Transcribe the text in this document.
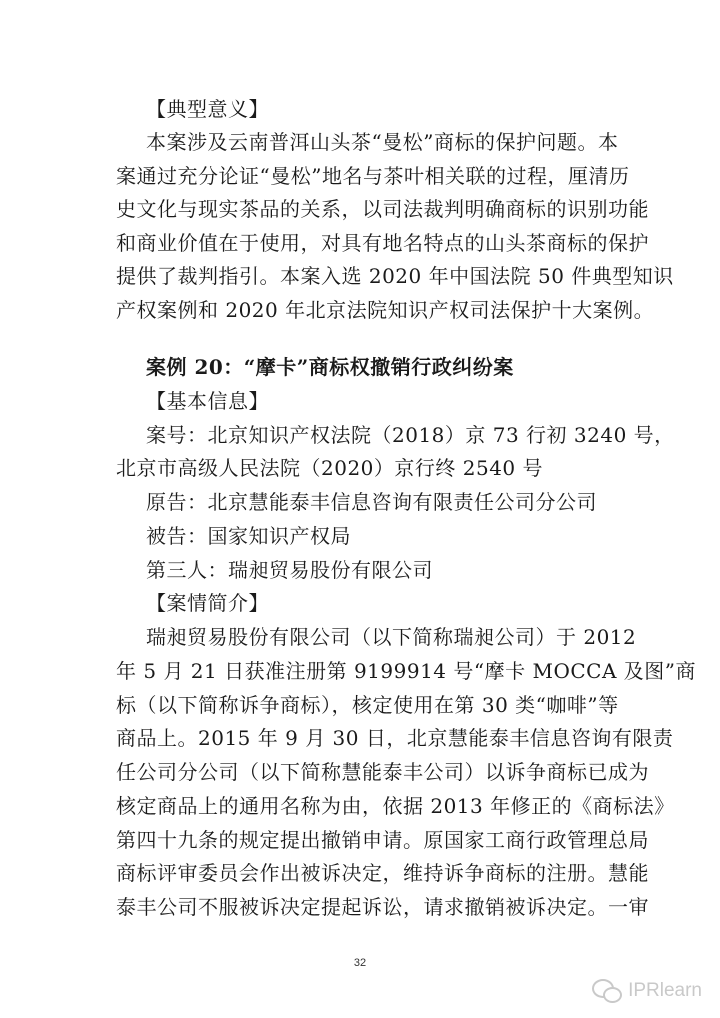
【典型意义】
本案涉及云南普洱山头茶“曼松”商标的保护问题。本
案通过充分论证“曼松”地名与茶叶相关联的过程，厘清历
史文化与现实茶品的关系，以司法裁判明确商标的识别功能
和商业价值在于使用，对具有地名特点的山头茶商标的保护
提供了裁判指引。本案入选 2020 年中国法院 50 件典型知识
产权案例和 2020 年北京法院知识产权司法保护十大案例。
案例 20：“摩卡”商标权撤销行政纠纷案
【基本信息】
案号：北京知识产权法院（2018）京 73 行初 3240 号，
北京市高级人民法院（2020）京行终 2540 号
原告：北京慧能泰丰信息咨询有限责任公司分公司
被告：国家知识产权局
第三人：瑞昶贸易股份有限公司
【案情简介】
瑞昶贸易股份有限公司（以下简称瑞昶公司）于 2012
年 5 月 21 日获准注册第 9199914 号“摩卡 MOCCA 及图”商
标（以下简称诉争商标），核定使用在第 30 类“咖啡”等
商品上。2015 年 9 月 30 日，北京慧能泰丰信息咨询有限责
任公司分公司（以下简称慧能泰丰公司）以诉争商标已成为
核定商品上的通用名称为由，依据 2013 年修正的《商标法》
第四十九条的规定提出撤销申请。原国家工商行政管理总局
商标评审委员会作出被诉决定，维持诉争商标的注册。慧能
泰丰公司不服被诉决定提起诉讼，请求撤销被诉决定。一审
32
IPRlearn
